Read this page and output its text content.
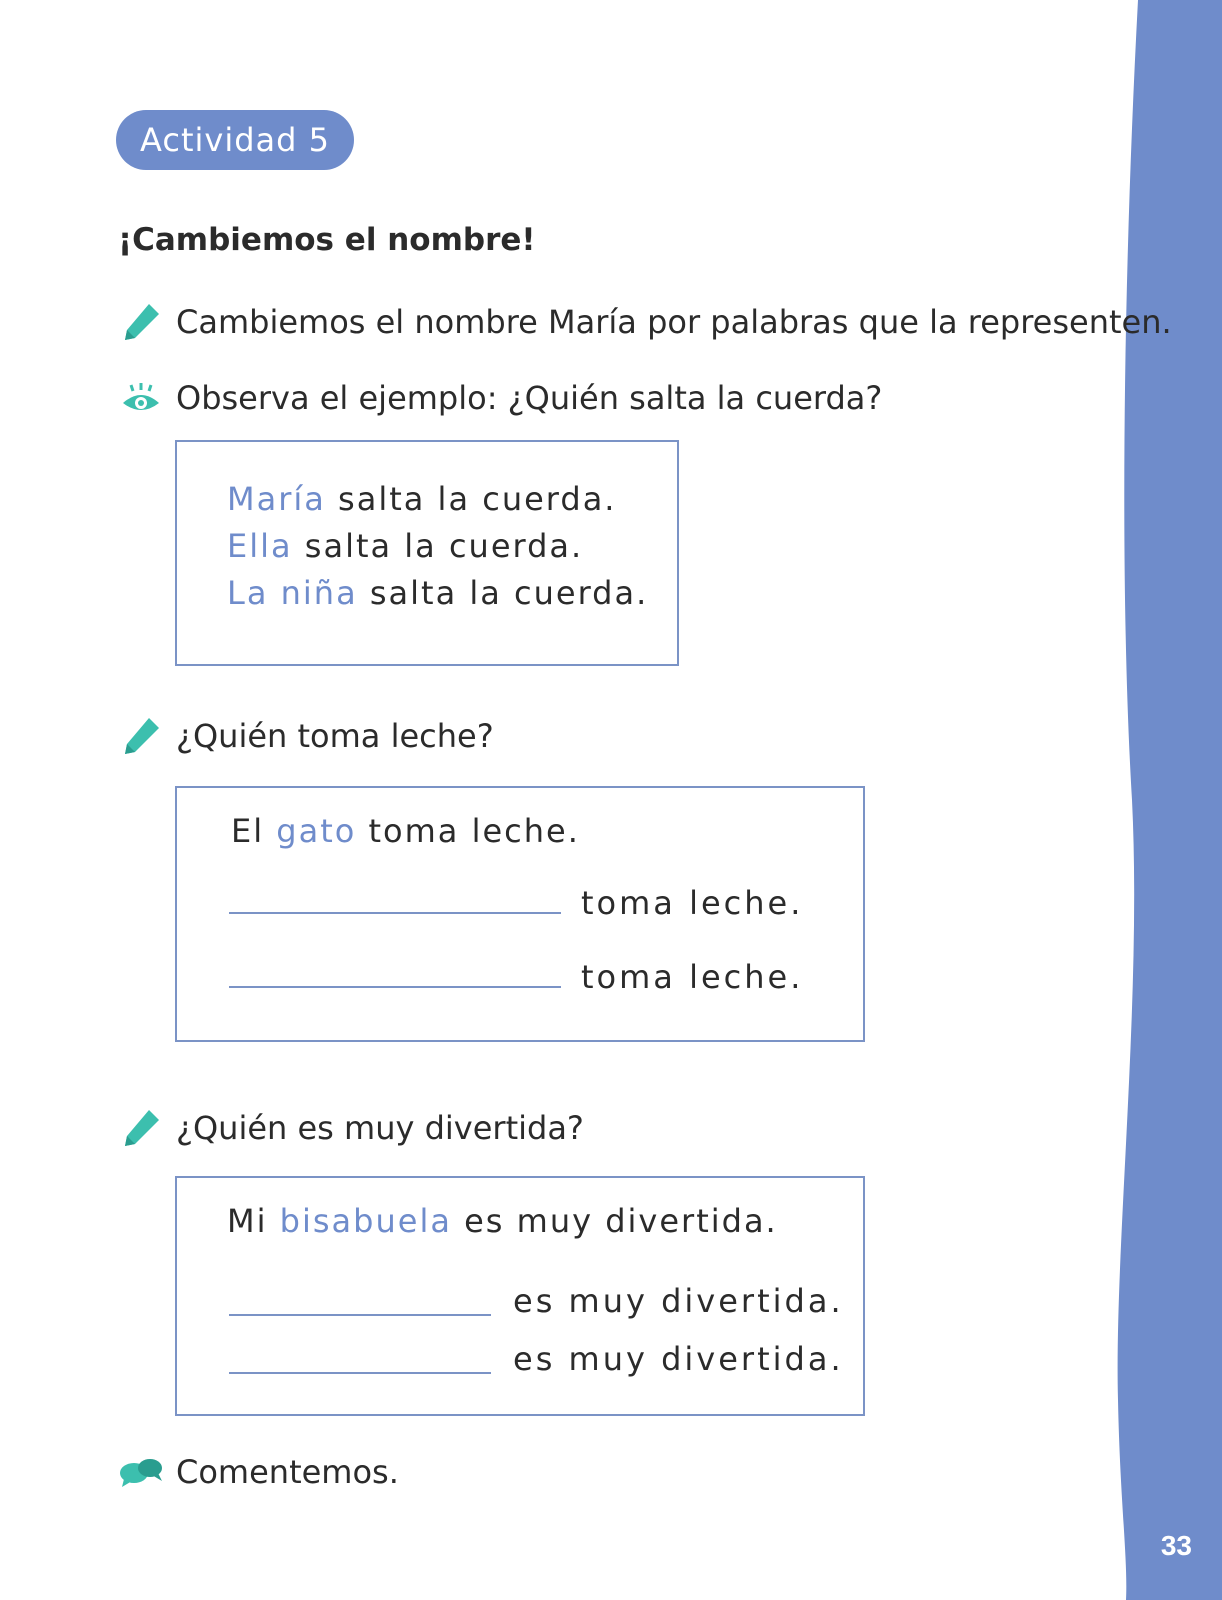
33
Actividad 5
¡Cambiemos el nombre!
Cambiemos el nombre María por palabras que la representen.
Observa el ejemplo: ¿Quién salta la cuerda?
María salta la cuerda.
Ella salta la cuerda.
La niña salta la cuerda.
¿Quién toma leche?
El gato toma leche.
toma leche.
toma leche.
¿Quién es muy divertida?
Mi bisabuela es muy divertida.
es muy divertida.
es muy divertida.
Comentemos.
